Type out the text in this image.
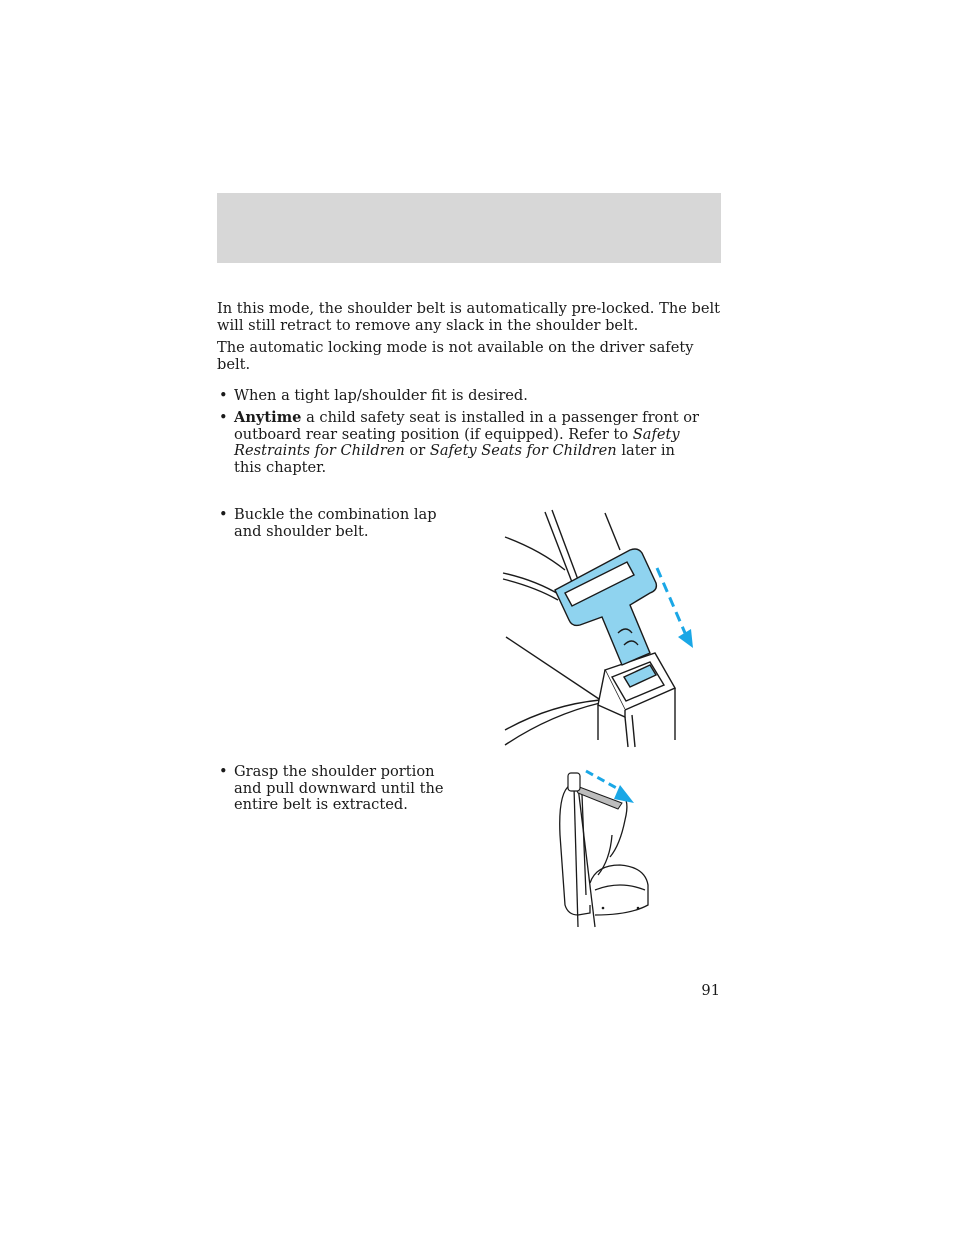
In this mode, the shoulder belt is automatically pre-locked. The belt will still retract to remove any slack in the shoulder belt.

The automatic locking mode is not available on the driver safety belt.

• When a tight lap/shoulder fit is desired.
• Anytime a child safety seat is installed in a passenger front or outboard rear seating position (if equipped). Refer to Safety Restraints for Children or Safety Seats for Children later in this chapter.
• Buckle the combination lap and shoulder belt.
• Grasp the shoulder portion and pull downward until the entire belt is extracted.
91
